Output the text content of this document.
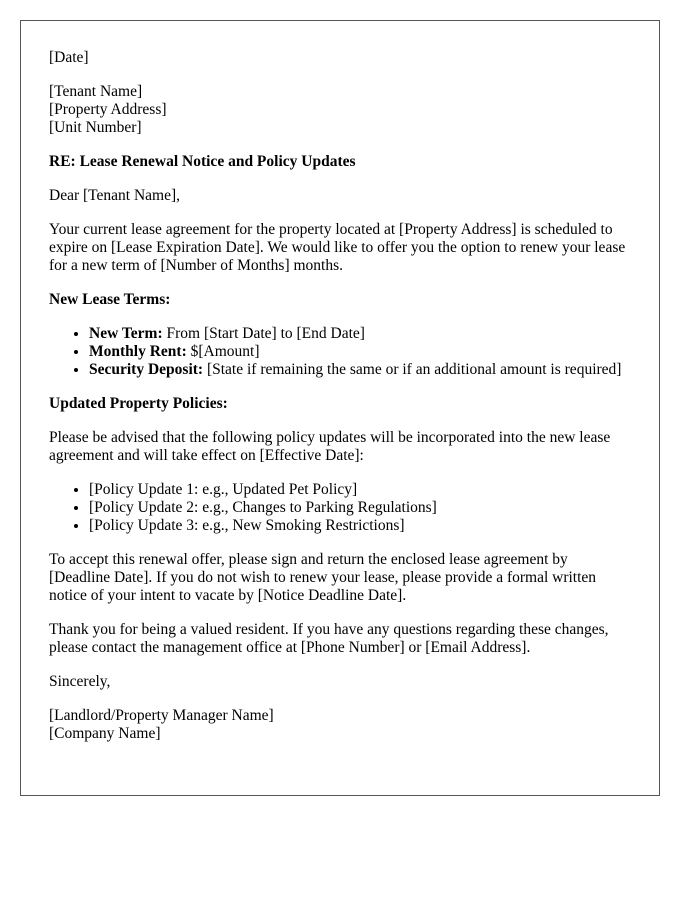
[Date]

[Tenant Name]
[Property Address]
[Unit Number]

RE: Lease Renewal Notice and Policy Updates

Dear [Tenant Name],

Your current lease agreement for the property located at [Property Address] is scheduled to expire on [Lease Expiration Date]. We would like to offer you the option to renew your lease for a new term of [Number of Months] months.

New Lease Terms:

• New Term: From [Start Date] to [End Date]
• Monthly Rent: $[Amount]
• Security Deposit: [State if remaining the same or if an additional amount is required]

Updated Property Policies:

Please be advised that the following policy updates will be incorporated into the new lease agreement and will take effect on [Effective Date]:

• [Policy Update 1: e.g., Updated Pet Policy]
• [Policy Update 2: e.g., Changes to Parking Regulations]
• [Policy Update 3: e.g., New Smoking Restrictions]

To accept this renewal offer, please sign and return the enclosed lease agreement by [Deadline Date]. If you do not wish to renew your lease, please provide a formal written notice of your intent to vacate by [Notice Deadline Date].

Thank you for being a valued resident. If you have any questions regarding these changes, please contact the management office at [Phone Number] or [Email Address].

Sincerely,

[Landlord/Property Manager Name]
[Company Name]
